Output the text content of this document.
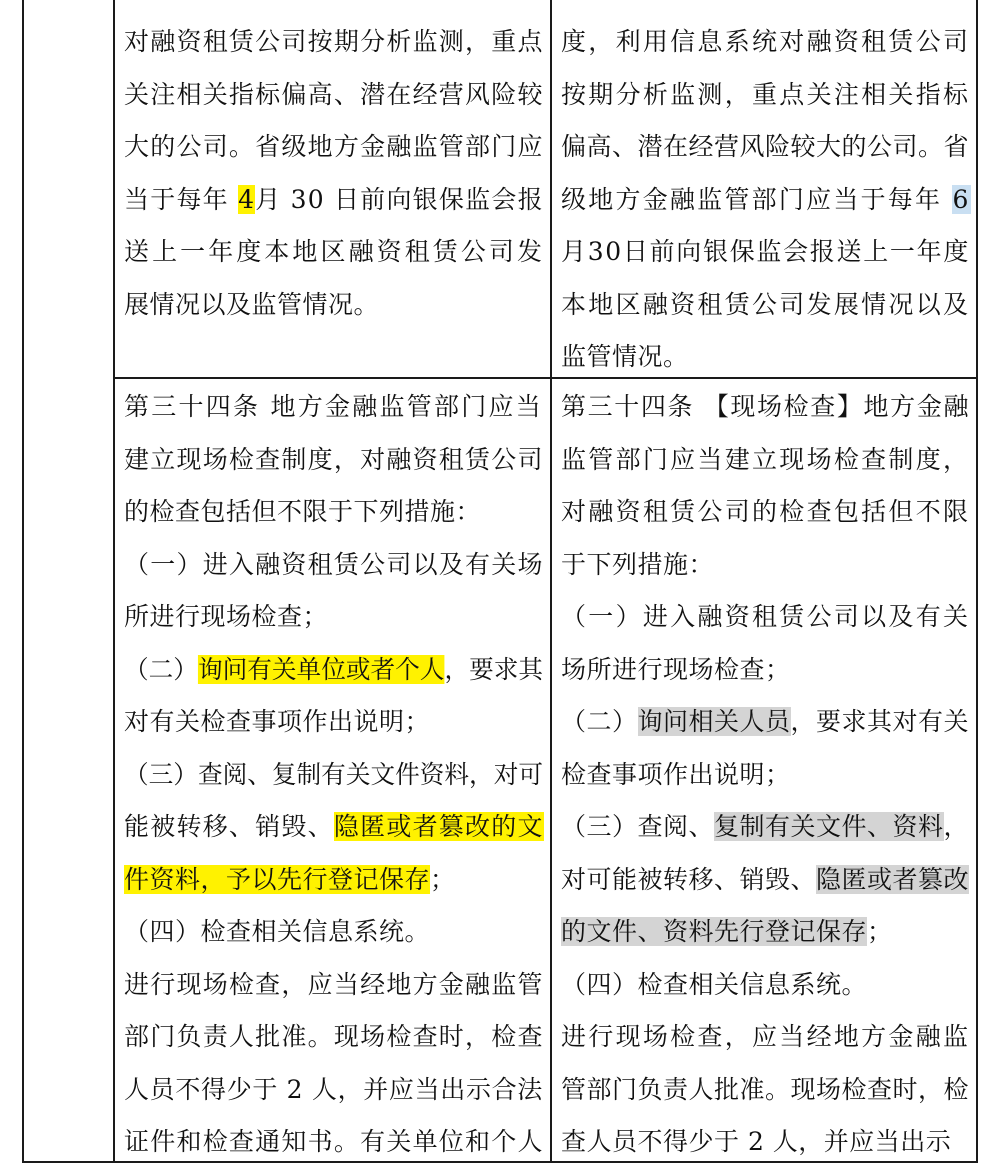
对融资租赁公司按期分析监测，重点
关注相关指标偏高、潜在经营风险较
大的公司。省级地方金融监管部门应
当于每年 4月 30 日前向银保监会报
送上一年度本地区融资租赁公司发
展情况以及监管情况。
度，利用信息系统对融资租赁公司
按期分析监测，重点关注相关指标
偏高、潜在经营风险较大的公司。省
级地方金融监管部门应当于每年 6
月30日前向银保监会报送上一年度
本地区融资租赁公司发展情况以及
监管情况。
第三十四条 地方金融监管部门应当
建立现场检查制度，对融资租赁公司
的检查包括但不限于下列措施：
（一）进入融资租赁公司以及有关场
所进行现场检查；
（二）询问有关单位或者个人，要求其
对有关检查事项作出说明；
（三）查阅、复制有关文件资料，对可
能被转移、销毁、隐匿或者篡改的文
件资料，予以先行登记保存；
（四）检查相关信息系统。
进行现场检查，应当经地方金融监管
部门负责人批准。现场检查时，检查
人员不得少于 2 人，并应当出示合法
证件和检查通知书。有关单位和个人
第三十四条 【现场检查】地方金融
监管部门应当建立现场检查制度，
对融资租赁公司的检查包括但不限
于下列措施：
（一）进入融资租赁公司以及有关
场所进行现场检查；
（二）询问相关人员，要求其对有关
检查事项作出说明；
（三）查阅、复制有关文件、资料，
对可能被转移、销毁、隐匿或者篡改
的文件、资料先行登记保存；
（四）检查相关信息系统。
进行现场检查，应当经地方金融监
管部门负责人批准。现场检查时，检
查人员不得少于 2 人，并应当出示
